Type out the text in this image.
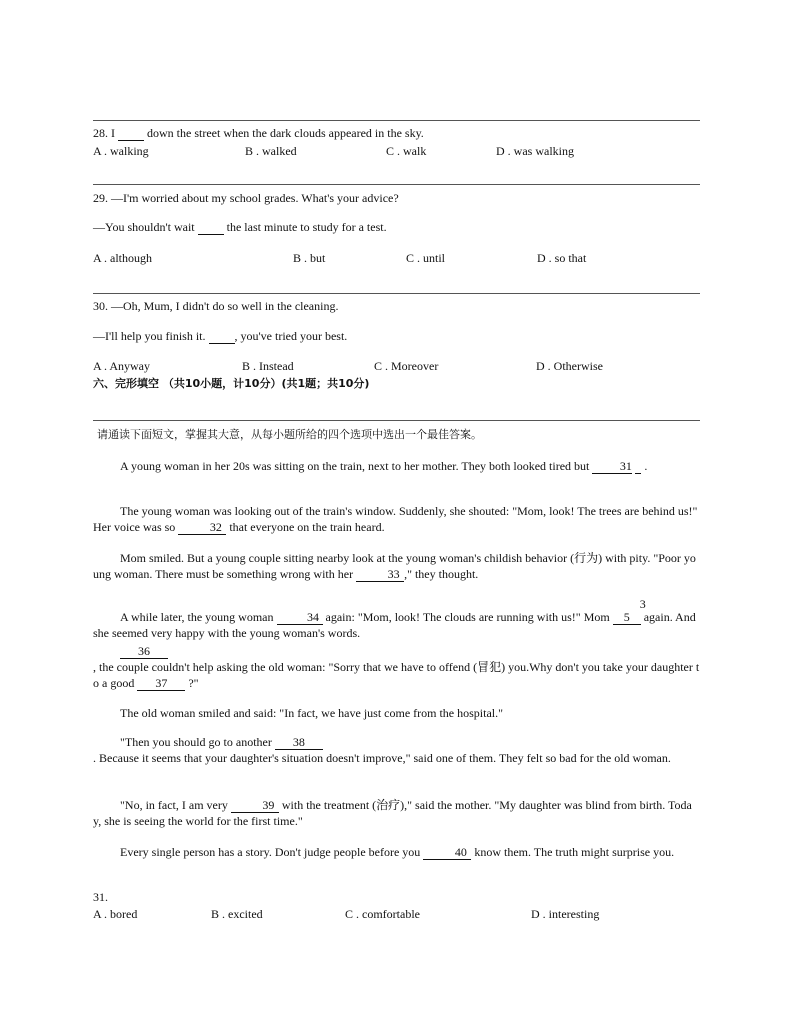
28. I	down the street when the dark clouds appeared in the sky.
A . walking	B . walked	C . walk	D . was walking
29. —I'm worried about my school grades. What's your advice?
—You shouldn't wait	the last minute to study for a test.
A . although	B . but	C . until	D . so that
30. —Oh, Mum, I didn't do so well in the cleaning.
—I'll help you finish it. , you've tried your best.
A . Anyway	B . Instead	C . Moreover	D . Otherwise
六、完形填空 （共10小题，计10分）(共1题；共10分)
请通读下面短文，掌握其大意，从每小题所给的四个选项中选出一个最佳答案。
A young woman in her 20s was sitting on the train, next to her mother. They both looked tired but	31 .
The young woman was looking out of the train's window. Suddenly, she shouted: "Mom, look! The trees are behind us!" Her voice was so	32 that everyone on the train heard.
Mom smiled. But a young couple sitting nearby look at the young woman's childish behavior (行为) with pity. "Poor young woman. There must be something wrong with her	33 ," they thought.
A while later, the young woman	34 again: "Mom, look! The clouds are running with us!" Mom 35 again. And she seemed very happy with the young woman's words.
36
, the couple couldn't help asking the old woman: "Sorry that we have to offend (冒犯) you.Why don't you take your daughter to a good 37 ?"
The old woman smiled and said: "In fact, we have just come from the hospital."
"Then you should go to another 38
. Because it seems that your daughter's situation doesn't improve," said one of them. They felt so bad for the old woman.
"No, in fact, I am very	39 with the treatment (治疗)," said the mother. "My daughter was blind from birth. Today, she is seeing the world for the first time."
Every single person has a story. Don't judge people before you	40 know them. The truth might surprise you.
31.
A . bored	B . excited	C . comfortable	D . interesting
